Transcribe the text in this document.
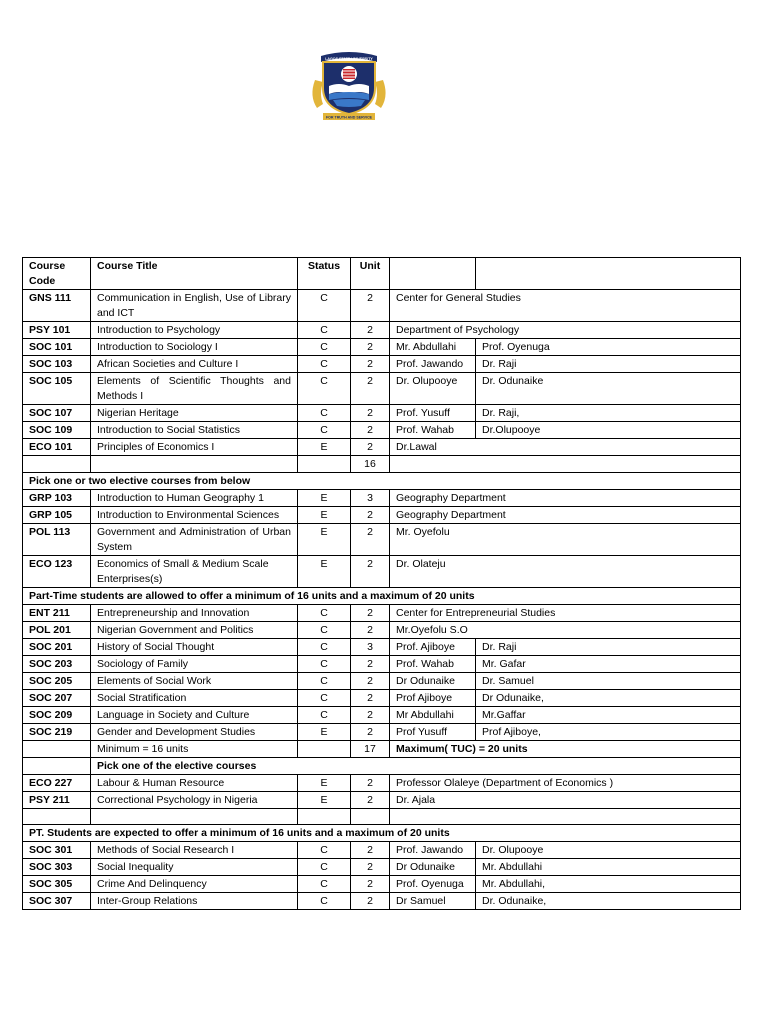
LAGOS STATE UNIVERSITY
FOR TRUTH AND SERVICE
Course Code	Course Title	Status	Unit		
GNS 111	Communication in English, Use of Library and ICT	C	2	Center for General Studies	
PSY 101	Introduction to Psychology	C	2	Department of Psychology	
SOC 101	Introduction to Sociology I	C	2	Mr. Abdullahi	Prof. Oyenuga
SOC 103	African Societies and Culture I	C	2	Prof. Jawando	Dr. Raji
SOC 105	Elements of Scientific Thoughts and Methods I	C	2	Dr. Olupooye	Dr. Odunaike
SOC 107	Nigerian Heritage	C	2	Prof. Yusuff	Dr. Raji,
SOC 109	Introduction to Social Statistics	C	2	Prof. Wahab	Dr.Olupooye
ECO 101	Principles of Economics I	E	2	Dr.Lawal	
			16		
Pick one or two elective courses from below					
GRP 103	Introduction to Human Geography 1	E	3	Geography Department	
GRP 105	Introduction to Environmental Sciences	E	2	Geography Department	
POL 113	Government and Administration of Urban System	E	2	Mr. Oyefolu	
ECO 123	Economics of Small & Medium Scale Enterprises(s)	E	2	Dr. Olateju	
Part-Time students are allowed to offer a minimum of 16 units and a maximum of 20 units					
ENT 211	Entrepreneurship and Innovation	C	2	Center for Entrepreneurial Studies	
POL 201	Nigerian Government and Politics	C	2	Mr.Oyefolu S.O	
SOC 201	History of Social Thought	C	3	Prof. Ajiboye	Dr. Raji
SOC 203	Sociology of Family	C	2	Prof. Wahab	Mr. Gafar
SOC 205	Elements of Social Work	C	2	Dr Odunaike	Dr. Samuel
SOC 207	Social Stratification	C	2	Prof Ajiboye	Dr Odunaike,
SOC 209	Language in Society and Culture	C	2	Mr Abdullahi	Mr.Gaffar
SOC 219	Gender and Development Studies	E	2	Prof Yusuff	Prof Ajiboye,
	Minimum = 16 units		17	Maximum( TUC) = 20 units	
	Pick one of the elective courses				
ECO 227	Labour & Human Resource	E	2	Professor Olaleye (Department of Economics )	
PSY 211	Correctional Psychology in Nigeria	E	2	Dr. Ajala	

PT. Students are expected to offer a minimum of 16 units and a maximum of 20 units					
SOC 301	Methods of Social Research I	C	2	Prof. Jawando	Dr. Olupooye
SOC 303	Social Inequality	C	2	Dr Odunaike	Mr. Abdullahi
SOC 305	Crime And Delinquency	C	2	Prof. Oyenuga	Mr. Abdullahi,
SOC 307	Inter-Group Relations	C	2	Dr Samuel	Dr. Odunaike,
